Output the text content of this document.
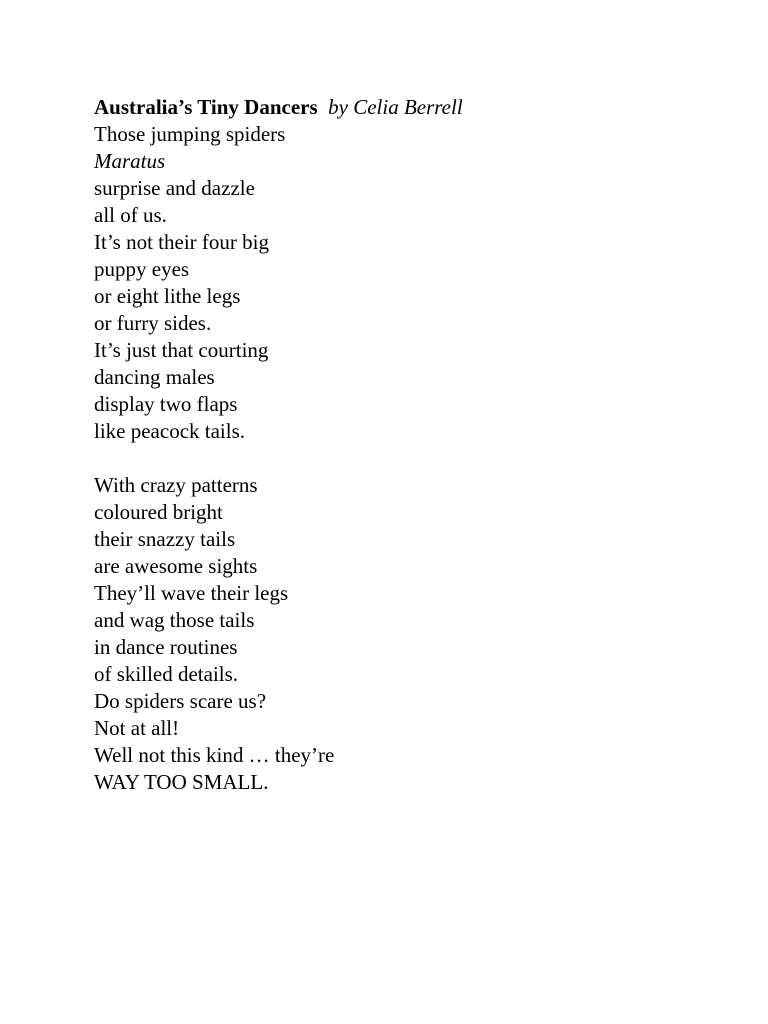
Australia’s Tiny Dancers by Celia Berrell
Those jumping spiders
Maratus
surprise and dazzle
all of us.
It’s not their four big
puppy eyes
or eight lithe legs
or furry sides.
It’s just that courting
dancing males
display two flaps
like peacock tails.
With crazy patterns
coloured bright
their snazzy tails
are awesome sights
They’ll wave their legs
and wag those tails
in dance routines
of skilled details.
Do spiders scare us?
Not at all!
Well not this kind … they’re
WAY TOO SMALL.
